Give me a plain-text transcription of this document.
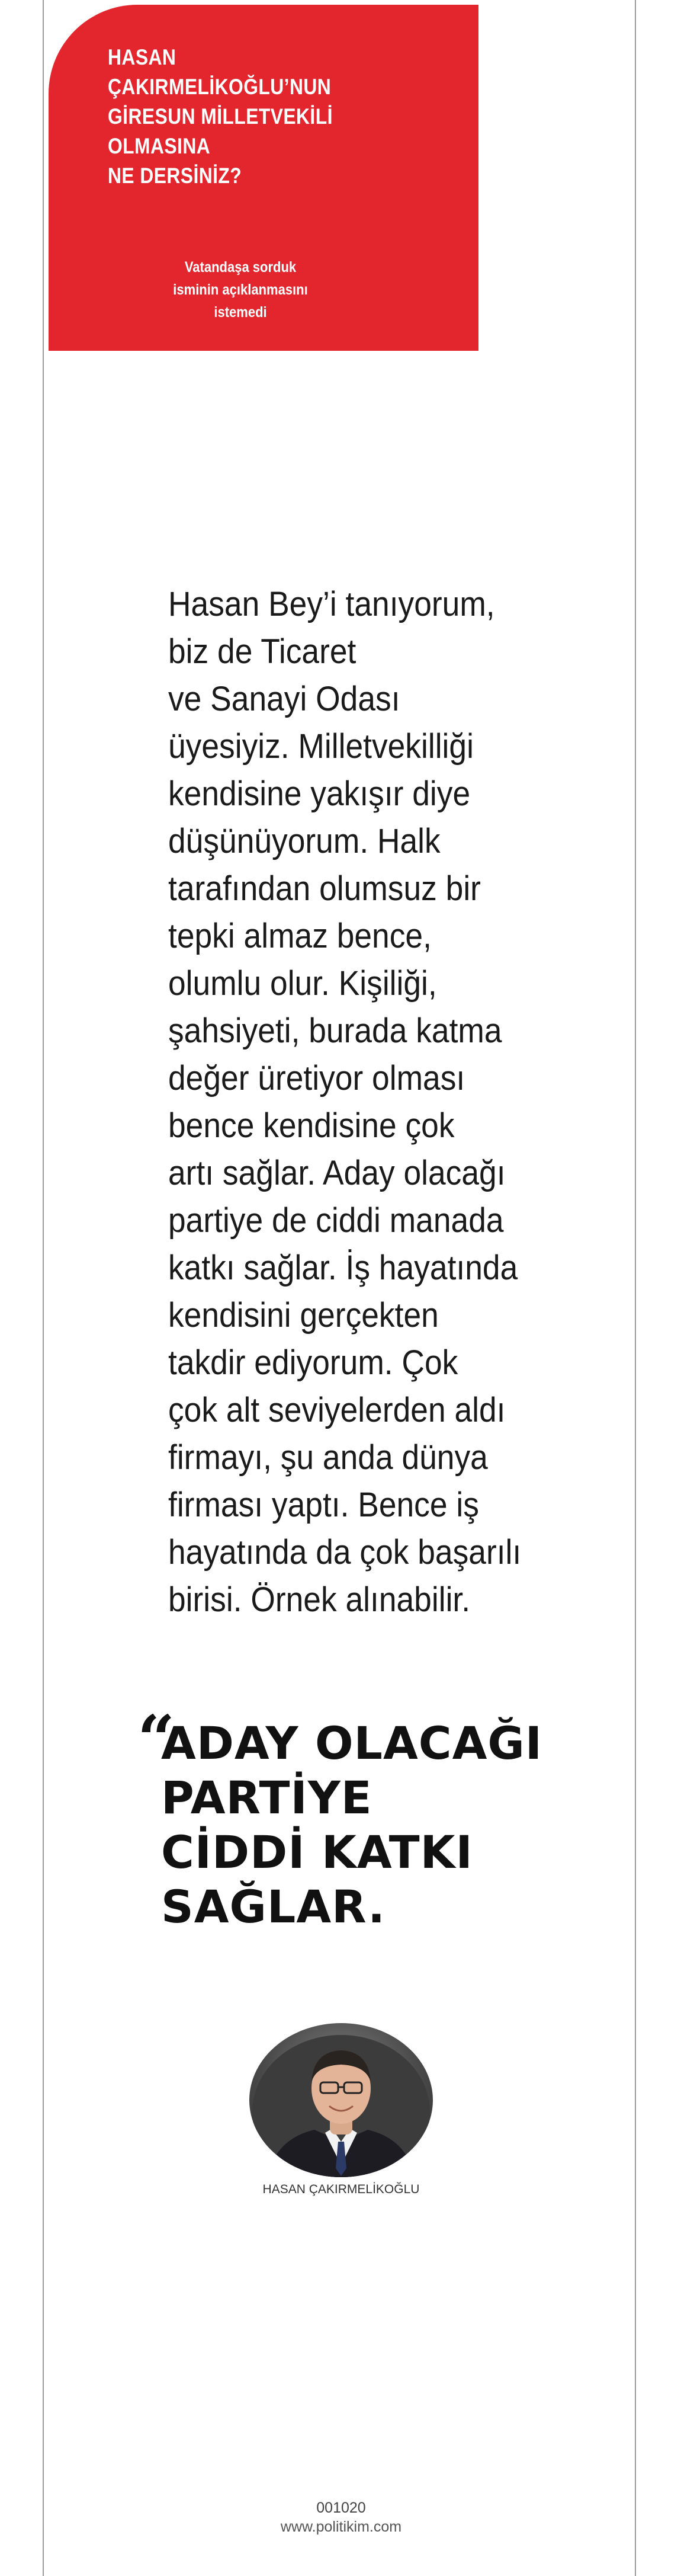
HASAN
ÇAKIRMELİKOĞLU’NUN
GİRESUN MİLLETVEKİLİ
OLMASINA
NE DERSİNİZ?

Vatandaşa sorduk
isminin açıklanmasını istemedi

Hasan Bey’i tanıyorum,
biz de Ticaret
ve Sanayi Odası
üyesiyiz. Milletvekilliği
kendisine yakışır diye
düşünüyorum. Halk
tarafından olumsuz bir
tepki almaz bence,
olumlu olur. Kişiliği,
şahsiyeti, burada katma
değer üretiyor olması
bence kendisine çok
artı sağlar. Aday olacağı
partiye de ciddi manada
katkı sağlar. İş hayatında
kendisini gerçekten
takdir ediyorum. Çok
çok alt seviyelerden aldı
firmayı, şu anda dünya
firması yaptı. Bence iş
hayatında da çok başarılı
birisi. Örnek alınabilir.

“

ADAY OLACAĞI
PARTİYE
CİDDİ KATKI
SAĞLAR.

HASAN ÇAKIRMELİKOĞLU

001020

www.politikim.com
